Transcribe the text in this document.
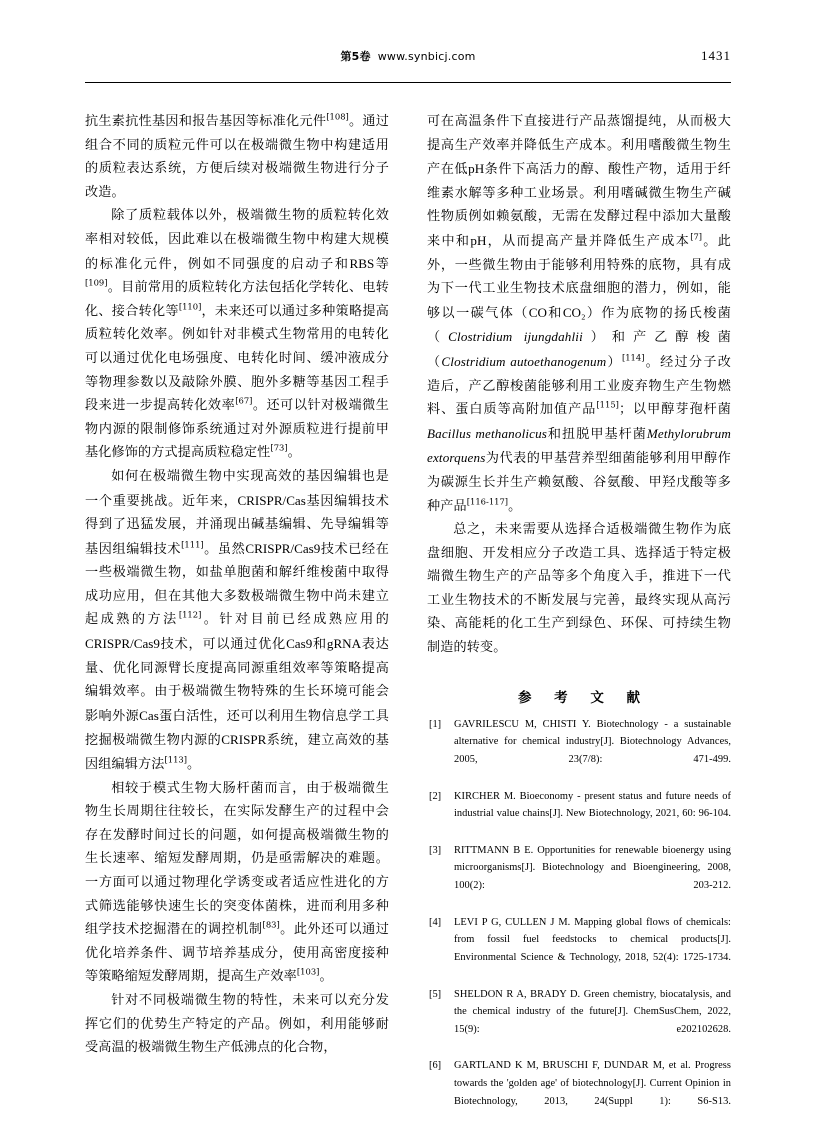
第5卷 www.synbicj.com	1431

抗生素抗性基因和报告基因等标准化元件[108]。通过组合不同的质粒元件可以在极端微生物中构建适用的质粒表达系统，方便后续对极端微生物进行分子改造。

除了质粒载体以外，极端微生物的质粒转化效率相对较低，因此难以在极端微生物中构建大规模的标准化元件，例如不同强度的启动子和RBS等[109]。目前常用的质粒转化方法包括化学转化、电转化、接合转化等[110]，未来还可以通过多种策略提高质粒转化效率。例如针对非模式生物常用的电转化可以通过优化电场强度、电转化时间、缓冲液成分等物理参数以及敲除外膜、胞外多糖等基因工程手段来进一步提高转化效率[67]。还可以针对极端微生物内源的限制修饰系统通过对外源质粒进行提前甲基化修饰的方式提高质粒稳定性[73]。

如何在极端微生物中实现高效的基因编辑也是一个重要挑战。近年来，CRISPR/Cas基因编辑技术得到了迅猛发展，并涌现出碱基编辑、先导编辑等基因组编辑技术[111]。虽然CRISPR/Cas9技术已经在一些极端微生物，如盐单胞菌和解纤维梭菌中取得成功应用，但在其他大多数极端微生物中尚未建立起成熟的方法[112]。针对目前已经成熟应用的CRISPR/Cas9技术，可以通过优化Cas9和gRNA表达量、优化同源臂长度提高同源重组效率等策略提高编辑效率。由于极端微生物特殊的生长环境可能会影响外源Cas蛋白活性，还可以利用生物信息学工具挖掘极端微生物内源的CRISPR系统，建立高效的基因组编辑方法[113]。

相较于模式生物大肠杆菌而言，由于极端微生物生长周期往往较长，在实际发酵生产的过程中会存在发酵时间过长的问题，如何提高极端微生物的生长速率、缩短发酵周期，仍是亟需解决的难题。一方面可以通过物理化学诱变或者适应性进化的方式筛选能够快速生长的突变体菌株，进而利用多种组学技术挖掘潜在的调控机制[83]。此外还可以通过优化培养条件、调节培养基成分，使用高密度接种等策略缩短发酵周期，提高生产效率[103]。

针对不同极端微生物的特性，未来可以充分发挥它们的优势生产特定的产品。例如，利用能够耐受高温的极端微生物生产低沸点的化合物，

可在高温条件下直接进行产品蒸馏提纯，从而极大提高生产效率并降低生产成本。利用嗜酸微生物生产在低pH条件下高活力的醇、酸性产物，适用于纤维素水解等多种工业场景。利用嗜碱微生物生产碱性物质例如赖氨酸，无需在发酵过程中添加大量酸来中和pH，从而提高产量并降低生产成本[7]。此外，一些微生物由于能够利用特殊的底物，具有成为下一代工业生物技术底盘细胞的潜力，例如，能够以一碳气体（CO和CO₂）作为底物的扬氏梭菌（Clostridium ijungdahlii）和产乙醇梭菌（Clostridium autoethanogenum）[114]。经过分子改造后，产乙醇梭菌能够利用工业废弃物生产生物燃料、蛋白质等高附加值产品[115]；以甲醇芽孢杆菌Bacillus methanolicus和扭脱甲基杆菌Methylorubrum extorquens为代表的甲基营养型细菌能够利用甲醇作为碳源生长并生产赖氨酸、谷氨酸、甲羟戊酸等多种产品[116-117]。

总之，未来需要从选择合适极端微生物作为底盘细胞、开发相应分子改造工具、选择适于特定极端微生物生产的产品等多个角度入手，推进下一代工业生物技术的不断发展与完善，最终实现从高污染、高能耗的化工生产到绿色、环保、可持续生物制造的转变。

参 考 文 献
[1]	GAVRILESCU M, CHISTI Y. Biotechnology - a sustainable alternative for chemical industry[J]. Biotechnology Advances, 2005, 23(7/8): 471-499.
[2]	KIRCHER M. Bioeconomy - present status and future needs of industrial value chains[J]. New Biotechnology, 2021, 60: 96-104.
[3]	RITTMANN B E. Opportunities for renewable bioenergy using microorganisms[J]. Biotechnology and Bioengineering, 2008, 100(2): 203-212.
[4]	LEVI P G, CULLEN J M. Mapping global flows of chemicals: from fossil fuel feedstocks to chemical products[J]. Environmental Science & Technology, 2018, 52(4): 1725-1734.
[5]	SHELDON R A, BRADY D. Green chemistry, biocatalysis, and the chemical industry of the future[J]. ChemSusChem, 2022, 15(9): e202102628.
[6]	GARTLAND K M, BRUSCHI F, DUNDAR M, et al. Progress towards the 'golden age' of biotechnology[J]. Current Opinion in Biotechnology, 2013, 24(Suppl 1): S6-S13.
